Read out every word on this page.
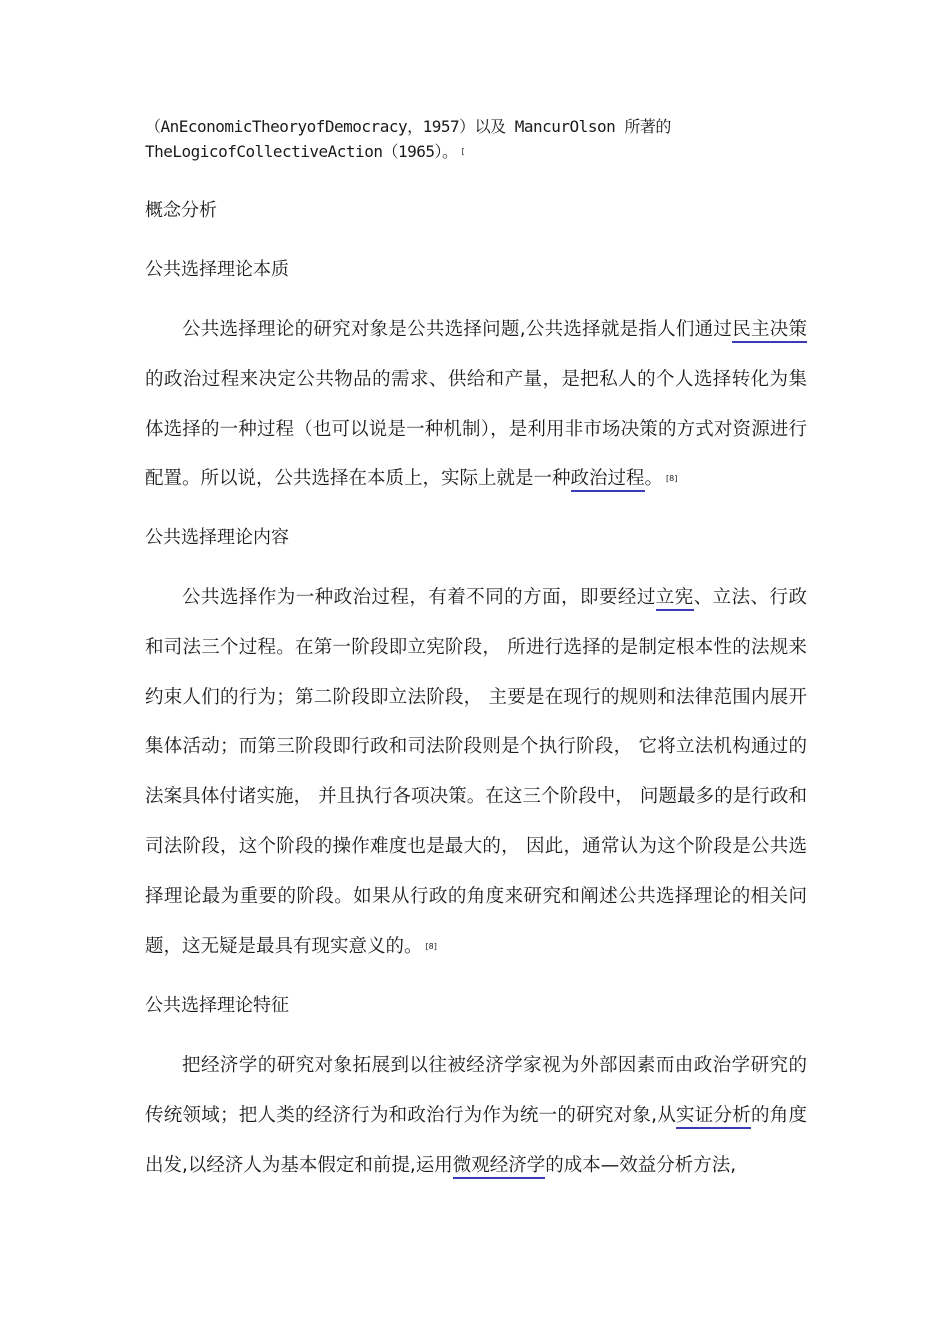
（AnEconomicTheoryofDemocracy，1957）以及 MancurOlson 所著的
TheLogicofCollectiveAction（1965）。 [
概念分析
公共选择理论本质
公共选择理论的研究对象是公共选择问题,公共选择就是指人们通过民主决策的政治过程来决定公共物品的需求、供给和产量，是把私人的个人选择转化为集体选择的一种过程（也可以说是一种机制），是利用非市场决策的方式对资源进行配置。所以说，公共选择在本质上，实际上就是一种政治过程。 [8]
公共选择理论内容
公共选择作为一种政治过程，有着不同的方面，即要经过立宪、立法、行政和司法三个过程。在第一阶段即立宪阶段， 所进行选择的是制定根本性的法规来约束人们的行为；第二阶段即立法阶段， 主要是在现行的规则和法律范围内展开集体活动；而第三阶段即行政和司法阶段则是个执行阶段， 它将立法机构通过的法案具体付诸实施， 并且执行各项决策。在这三个阶段中， 问题最多的是行政和司法阶段，这个阶段的操作难度也是最大的， 因此，通常认为这个阶段是公共选择理论最为重要的阶段。如果从行政的角度来研究和阐述公共选择理论的相关问题，这无疑是最具有现实意义的。 [8]
公共选择理论特征
把经济学的研究对象拓展到以往被经济学家视为外部因素而由政治学研究的传统领域；把人类的经济行为和政治行为作为统一的研究对象,从实证分析的角度出发,以经济人为基本假定和前提,运用微观经济学的成本—效益分析方法,
